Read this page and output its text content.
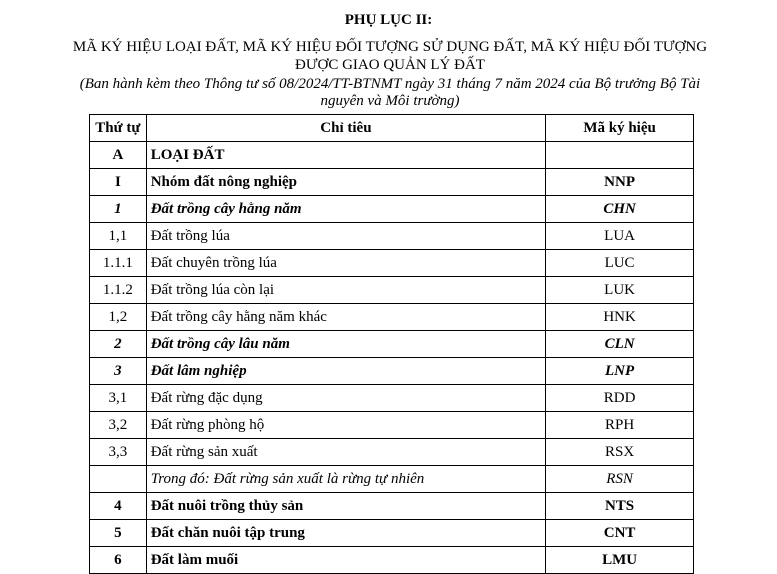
PHỤ LỤC II:
MÃ KÝ HIỆU LOẠI ĐẤT, MÃ KÝ HIỆU ĐỐI TƯỢNG SỬ DỤNG ĐẤT, MÃ KÝ HIỆU ĐỐI TƯỢNG ĐƯỢC GIAO QUẢN LÝ ĐẤT
(Ban hành kèm theo Thông tư số 08/2024/TT-BTNMT ngày 31 tháng 7 năm 2024 của Bộ trưởng Bộ Tài nguyên và Môi trường)
Thứ tự	Chỉ tiêu	Mã ký hiệu
A	LOẠI ĐẤT	
I	Nhóm đất nông nghiệp	NNP
1	Đất trồng cây hằng năm	CHN
1,1	Đất trồng lúa	LUA
1.1.1	Đất chuyên trồng lúa	LUC
1.1.2	Đất trồng lúa còn lại	LUK
1,2	Đất trồng cây hằng năm khác	HNK
2	Đất trồng cây lâu năm	CLN
3	Đất lâm nghiệp	LNP
3,1	Đất rừng đặc dụng	RDD
3,2	Đất rừng phòng hộ	RPH
3,3	Đất rừng sản xuất	RSX
	Trong đó: Đất rừng sản xuất là rừng tự nhiên	RSN
4	Đất nuôi trồng thủy sản	NTS
5	Đất chăn nuôi tập trung	CNT
6	Đất làm muối	LMU
